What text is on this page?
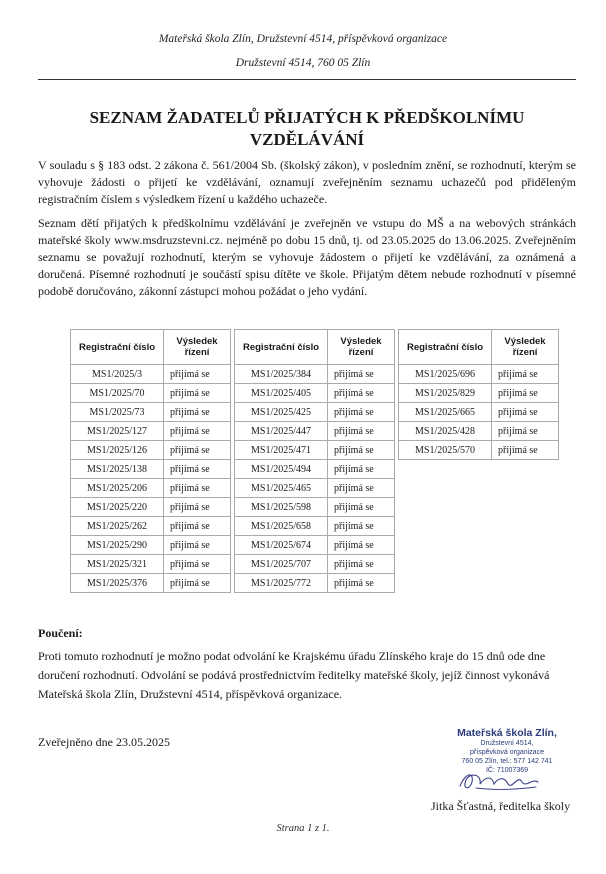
Mateřská škola Zlín, Družstevní 4514, příspěvková organizace
Družstevní 4514, 760 05 Zlín
SEZNAM ŽADATELŮ PŘIJATÝCH K PŘEDŠKOLNÍMU
VZDĚLÁVÁNÍ
V souladu s § 183 odst. 2 zákona č. 561/2004 Sb. (školský zákon), v posledním znění, se rozhodnutí, kterým se vyhovuje žádosti o přijetí ke vzdělávání, oznamují zveřejněním seznamu uchazečů pod přiděleným registračním číslem s výsledkem řízení u každého uchazeče.
Seznam dětí přijatých k předškolnímu vzdělávání je zveřejněn ve vstupu do MŠ a na webových stránkách mateřské školy www.msdruzstevni.cz. nejméně po dobu 15 dnů, tj. od 23.05.2025 do 13.06.2025. Zveřejněním seznamu se považují rozhodnutí, kterým se vyhovuje žádostem o přijetí ke vzdělávání, za oznámená a doručená. Písemné rozhodnutí je součástí spisu dítěte ve škole. Přijatým dětem nebude rozhodnutí v písemné podobě doručováno, zákonní zástupci mohou požádat o jeho vydání.
Registrační číslo	Výsledek
řízení

MS1/2025/3	přijímá se
MS1/2025/70	přijímá se
MS1/2025/73	přijímá se
MS1/2025/127	přijímá se
MS1/2025/126	přijímá se
MS1/2025/138	přijímá se
MS1/2025/206	přijímá se
MS1/2025/220	přijímá se
MS1/2025/262	přijímá se
MS1/2025/290	přijímá se
MS1/2025/321	přijímá se
MS1/2025/376	přijímá se
Registrační číslo	Výsledek
řízení

MS1/2025/384	přijímá se
MS1/2025/405	přijímá se
MS1/2025/425	přijímá se
MS1/2025/447	přijímá se
MS1/2025/471	přijímá se
MS1/2025/494	přijímá se
MS1/2025/465	přijímá se
MS1/2025/598	přijímá se
MS1/2025/658	přijímá se
MS1/2025/674	přijímá se
MS1/2025/707	přijímá se
MS1/2025/772	přijímá se
Registrační číslo	Výsledek
řízení

MS1/2025/696	přijímá se
MS1/2025/829	přijímá se
MS1/2025/665	přijímá se
MS1/2025/428	přijímá se
MS1/2025/570	přijímá se
Poučení:
Proti tomuto rozhodnutí je možno podat odvolání ke Krajskému úřadu Zlínského kraje do 15 dnů ode dne doručení rozhodnutí. Odvolání se podává prostřednictvím ředitelky mateřské školy, jejíž činnost vykonává Mateřská škola Zlín, Družstevní 4514, příspěvková organizace.
Zveřejněno dne 23.05.2025
Mateřská škola Zlín,
Družstevní 4514,
příspěvková organizace
760 05 Zlín, tel.: 577 142 741
IČ: 71007369
Jitka Šťastná, ředitelka školy
Strana 1 z 1.
